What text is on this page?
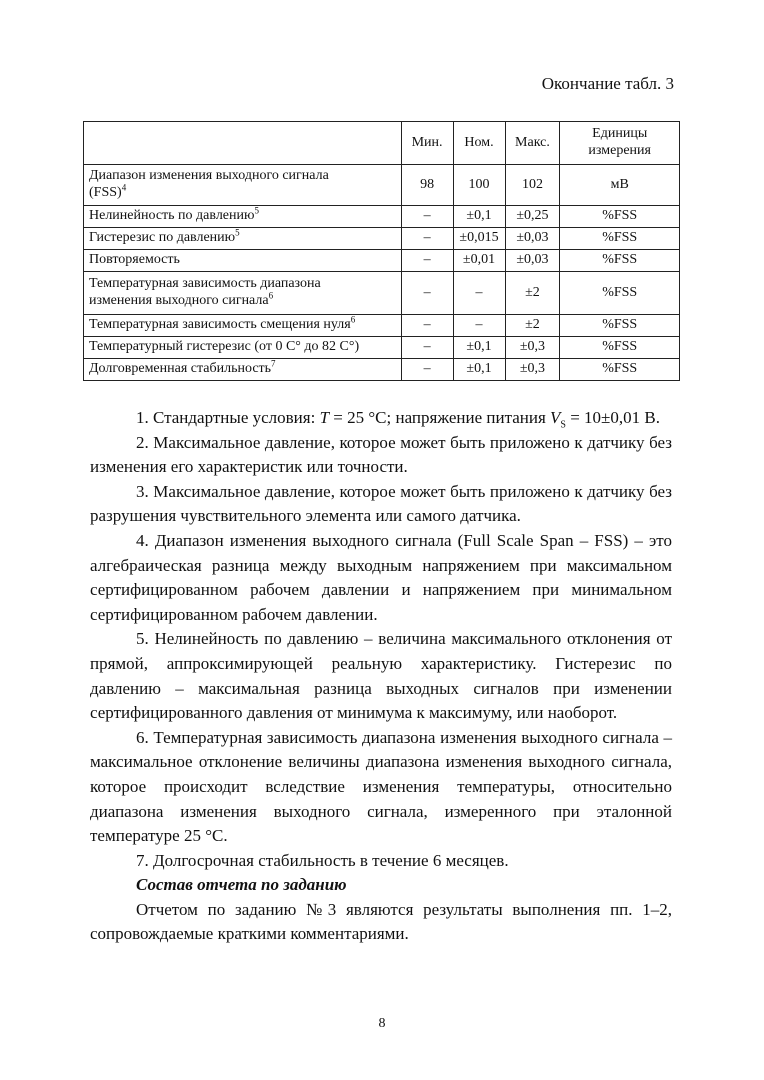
Окончание табл. 3
	Мин.	Ном.	Макс.	Единицы
измерения

Диапазон изменения выходного сигнала
(FSS)$^4$	98	100	102	мВ
Нелинейность по давлению$^5$	–	±0,1	±0,25	%FSS
Гистерезис по давлению$^5$	–	±0,015	±0,03	%FSS
Повторяемость	–	±0,01	±0,03	%FSS

Температурная зависимость диапазона
изменения выходного сигнала$^6$	–	–	±2	%FSS
Температурная зависимость смещения нуля$^6$	–	–	±2	%FSS
Температурный гистерезис (от 0 C° до 82 C°)	–	±0,1	±0,3	%FSS
Долговременная стабильность$^7$	–	±0,1	±0,3	%FSS

1. Стандартные условия: T = 25 °C; напряжение питания $V_S = 10\pm 0,01$ В.

2. Максимальное давление, которое может быть приложено к датчику без изменения его характеристик или точности.

3. Максимальное давление, которое может быть приложено к датчику без разрушения чувствительного элемента или самого датчика.

4. Диапазон изменения выходного сигнала (Full Scale Span – FSS) – это алгебраическая разница между выходным напряжением при максимальном сертифицированном рабочем давлении и напряжением при минимальном сертифицированном рабочем давлении.

5. Нелинейность по давлению – величина максимального отклонения от прямой, аппроксимирующей реальную характеристику. Гистерезис по давлению – максимальная разница выходных сигналов при изменении сертифицированного давления от минимума к максимуму, или наоборот.

6. Температурная зависимость диапазона изменения выходного сигнала – максимальное отклонение величины диапазона изменения выходного сигнала, которое происходит вследствие изменения температуры, относительно диапазона изменения выходного сигнала, измеренного при эталонной температуре 25 °C.

7. Долгосрочная стабильность в течение 6 месяцев.

Состав отчета по заданию

Отчетом по заданию №3 являются результаты выполнения пп. 1–2, сопровождаемые краткими комментариями.

8
